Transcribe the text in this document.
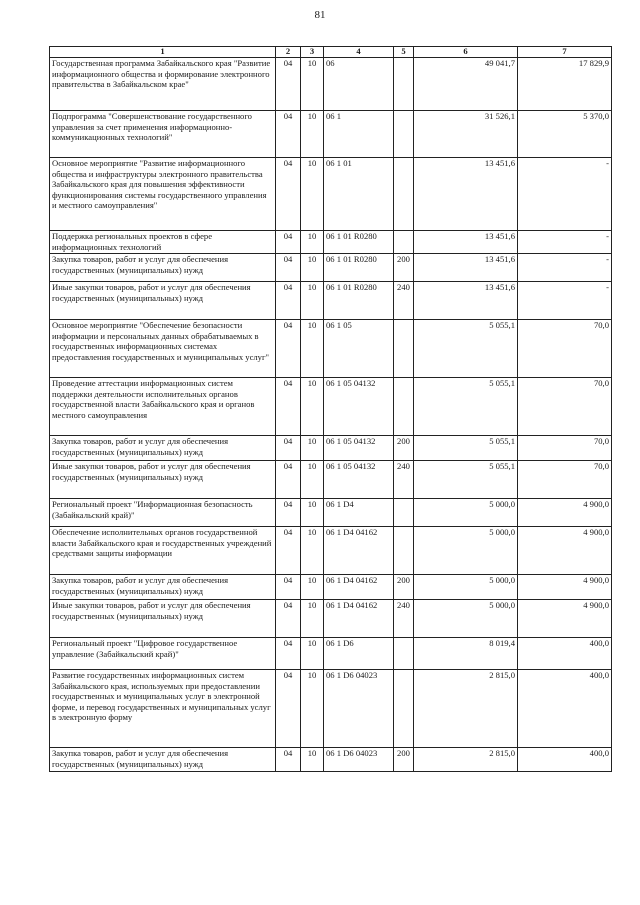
81
1	2	3	4	5	6	7
Государственная программа Забайкальского края "Развитие информационного общества и формирование электронного правительства в Забайкальском крае"	04	10	06		49 041,7	17 829,9
Подпрограмма "Совершенствование государственного управления за счет применения информационно-коммуникационных технологий"	04	10	06 1		31 526,1	5 370,0
Основное мероприятие "Развитие информационного общества и инфраструктуры электронного правительства Забайкальского края для повышения эффективности функционирования системы государственного управления и местного самоуправления"	04	10	06 1 01		13 451,6	-
Поддержка региональных проектов в сфере информационных технологий	04	10	06 1 01 R0280		13 451,6	-
Закупка товаров, работ и услуг для обеспечения государственных (муниципальных) нужд	04	10	06 1 01 R0280	200	13 451,6	-
Иные закупки товаров, работ и услуг для обеспечения государственных (муниципальных) нужд	04	10	06 1 01 R0280	240	13 451,6	-
Основное мероприятие "Обеспечение безопасности информации и персональных данных обрабатываемых в государственных информационных системах предоставления государственных и муниципальных услуг"	04	10	06 1 05		5 055,1	70,0
Проведение аттестации информационных систем поддержки деятельности исполнительных органов государственной власти Забайкальского края и органов местного самоуправления	04	10	06 1 05 04132		5 055,1	70,0
Закупка товаров, работ и услуг для обеспечения государственных (муниципальных) нужд	04	10	06 1 05 04132	200	5 055,1	70,0
Иные закупки товаров, работ и услуг для обеспечения государственных (муниципальных) нужд	04	10	06 1 05 04132	240	5 055,1	70,0
Региональный проект "Информационная безопасность (Забайкальский край)"	04	10	06 1 D4		5 000,0	4 900,0
Обеспечение исполнительных органов государственной власти Забайкальского края и государственных учреждений средствами защиты информации	04	10	06 1 D4 04162		5 000,0	4 900,0
Закупка товаров, работ и услуг для обеспечения государственных (муниципальных) нужд	04	10	06 1 D4 04162	200	5 000,0	4 900,0
Иные закупки товаров, работ и услуг для обеспечения государственных (муниципальных) нужд	04	10	06 1 D4 04162	240	5 000,0	4 900,0
Региональный проект "Цифровое государственное управление (Забайкальский край)"	04	10	06 1 D6		8 019,4	400,0
Развитие государственных информационных систем Забайкальского края, используемых при предоставлении государственных и муниципальных услуг в электронной форме, и перевод государственных и муниципальных услуг в электронную форму	04	10	06 1 D6 04023		2 815,0	400,0
Закупка товаров, работ и услуг для обеспечения государственных (муниципальных) нужд	04	10	06 1 D6 04023	200	2 815,0	400,0
